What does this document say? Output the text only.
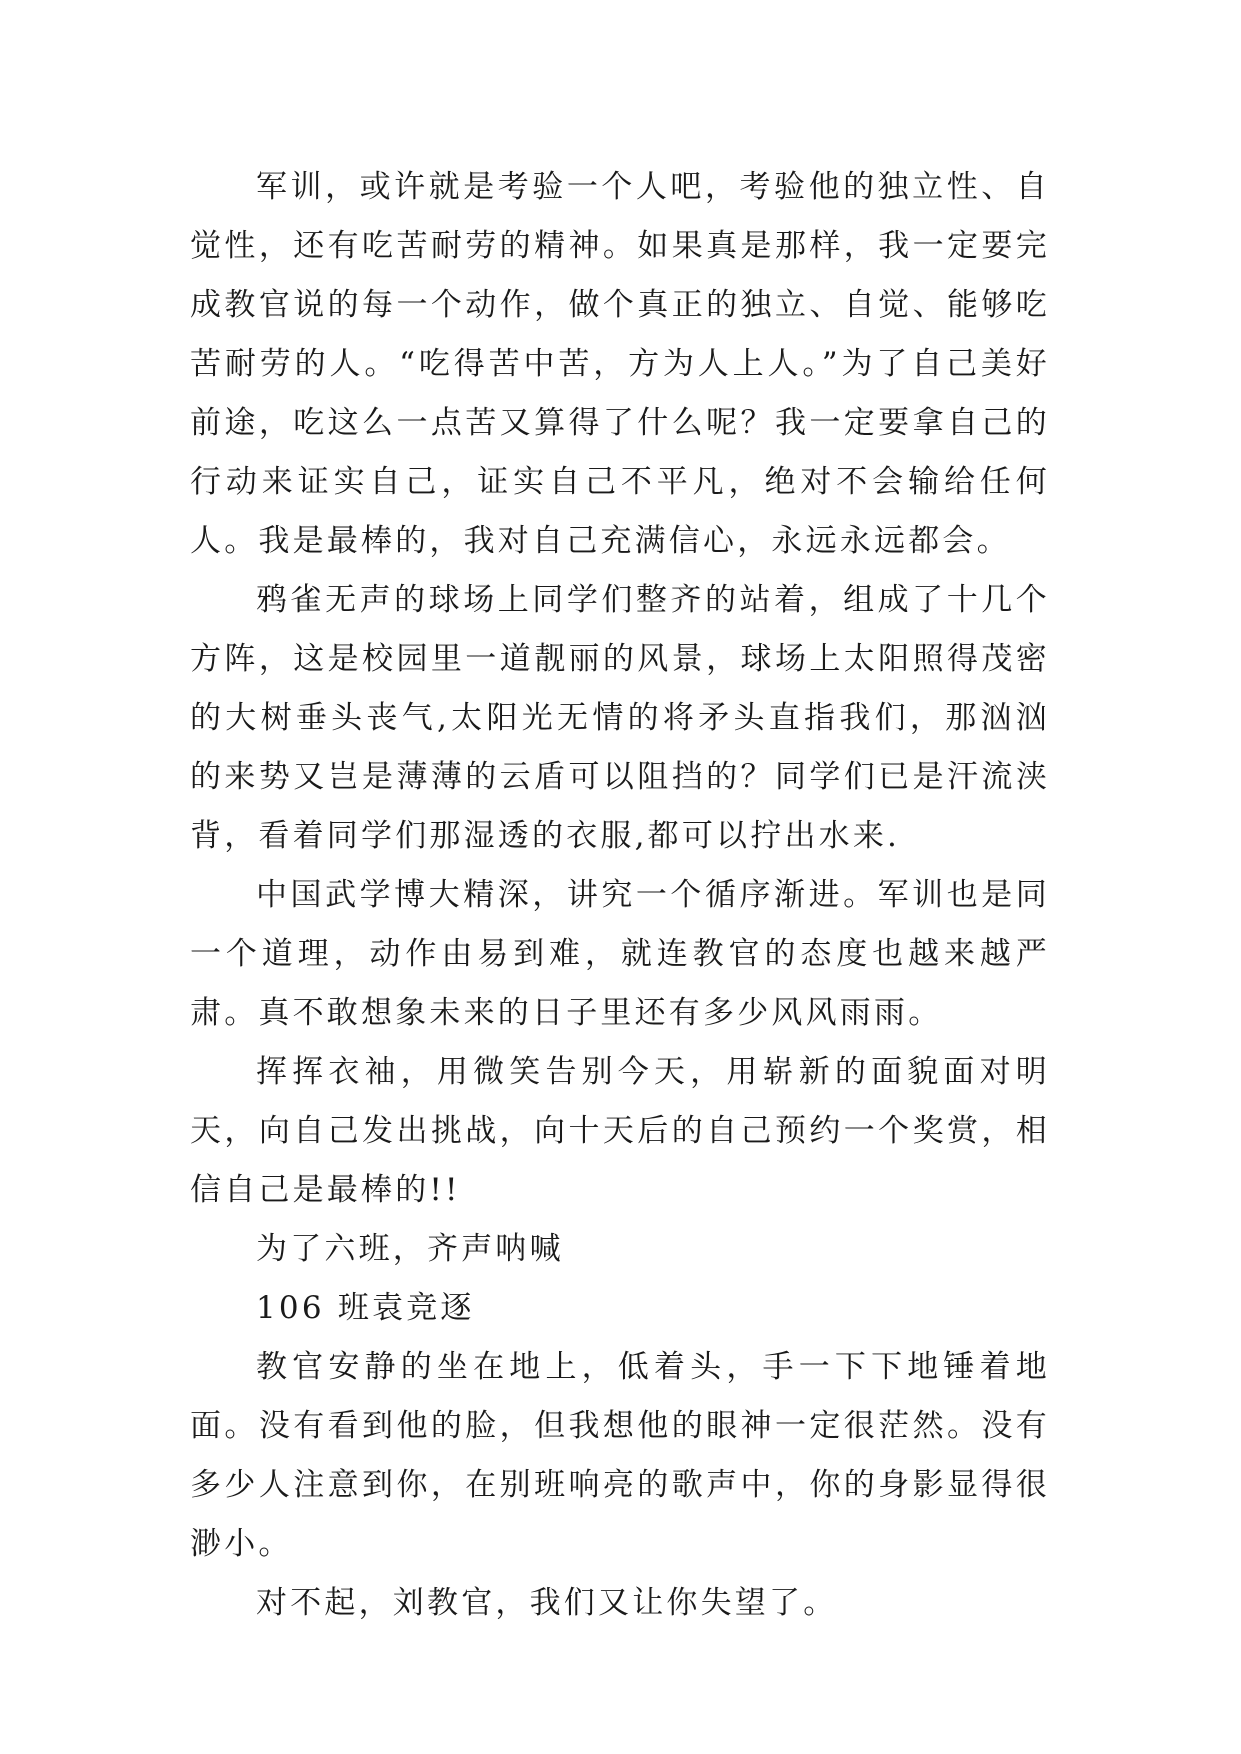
军训，或许就是考验一个人吧，考验他的独立性、自觉性，还有吃苦耐劳的精神。如果真是那样，我一定要完成教官说的每一个动作，做个真正的独立、自觉、能够吃苦耐劳的人。“吃得苦中苦，方为人上人。”为了自己美好前途，吃这么一点苦又算得了什么呢？我一定要拿自己的行动来证实自己，证实自己不平凡，绝对不会输给任何人。我是最棒的，我对自己充满信心，永远永远都会。

鸦雀无声的球场上同学们整齐的站着，组成了十几个方阵，这是校园里一道靓丽的风景，球场上太阳照得茂密的大树垂头丧气,太阳光无情的将矛头直指我们，那汹汹的来势又岂是薄薄的云盾可以阻挡的？同学们已是汗流浃背，看着同学们那湿透的衣服,都可以拧出水来.

中国武学博大精深，讲究一个循序渐进。军训也是同一个道理，动作由易到难，就连教官的态度也越来越严肃。真不敢想象未来的日子里还有多少风风雨雨。

挥挥衣袖，用微笑告别今天，用崭新的面貌面对明天，向自己发出挑战，向十天后的自己预约一个奖赏，相信自己是最棒的!!

为了六班，齐声呐喊

106 班袁竞逐

教官安静的坐在地上，低着头，手一下下地锤着地面。没有看到他的脸，但我想他的眼神一定很茫然。没有多少人注意到你，在别班响亮的歌声中，你的身影显得很渺小。

对不起，刘教官，我们又让你失望了。
